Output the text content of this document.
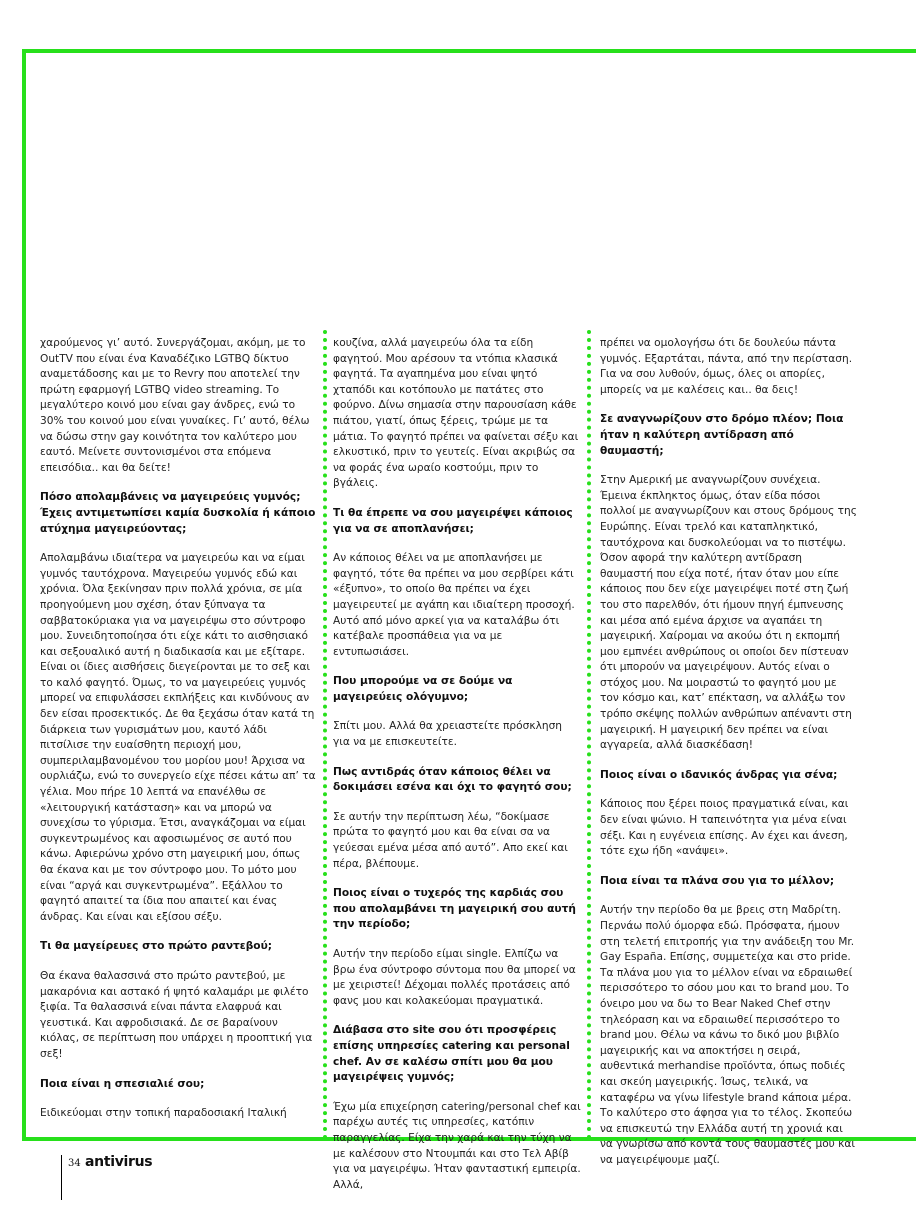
χαρούμενος γι’ αυτό. Συνεργάζομαι, ακόμη, με το OutTV που είναι ένα Καναδέζικο LGTBQ δίκτυο αναμετάδοσης και με το Revry που αποτελεί την πρώτη εφαρμογή LGTBQ video streaming. Το μεγαλύτερο κοινό μου είναι gay άνδρες, ενώ το 30% του κοινού μου είναι γυναίκες. Γι’ αυτό, θέλω να δώσω στην gay κοινότητα τον καλύτερο μου εαυτό. Μείνετε συντονισμένοι στα επόμενα επεισόδια.. και θα δείτε!

Πόσο απολαμβάνεις να μαγειρεύεις γυμνός; Έχεις αντιμετωπίσει καμία δυσκολία ή κάποιο ατύχημα μαγειρεύοντας;

Απολαμβάνω ιδιαίτερα να μαγειρεύω και να είμαι γυμνός ταυτόχρονα. Μαγειρεύω γυμνός εδώ και χρόνια. Όλα ξεκίνησαν πριν πολλά χρόνια, σε μία προηγούμενη μου σχέση, όταν ξύπναγα τα σαββατοκύριακα για να μαγειρέψω στο σύντροφο μου. Συνειδητοποίησα ότι είχε κάτι το αισθησιακό και σεξουαλικό αυτή η διαδικασία και με εξίταρε. Είναι οι ίδιες αισθήσεις διεγείρονται με το σεξ και το καλό φαγητό. Όμως, το να μαγειρεύεις γυμνός μπορεί να επιφυλάσσει εκπλήξεις και κινδύνους αν δεν είσαι προσεκτικός. Δε θα ξεχάσω όταν κατά τη διάρκεια των γυρισμάτων μου, καυτό λάδι πιτσίλισε την ευαίσθητη περιοχή μου, συμπεριλαμβανομένου του μορίου μου! Άρχισα να ουρλιάζω, ενώ το συνεργείο είχε πέσει κάτω απ’ τα γέλια. Μου πήρε 10 λεπτά να επανέλθω σε «λειτουργική κατάσταση» και να μπορώ να συνεχίσω το γύρισμα. Έτσι, αναγκάζομαι να είμαι συγκεντρωμένος και αφοσιωμένος σε αυτό που κάνω. Αφιερώνω χρόνο στη μαγειρική μου, όπως θα έκανα και με τον σύντροφο μου. Το μότο μου είναι “αργά και συγκεντρωμένα”. Εξάλλου το φαγητό απαιτεί τα ίδια που απαιτεί και ένας άνδρας. Και είναι και εξίσου σέξυ.

Τι θα μαγείρευες στο πρώτο ραντεβού;

Θα έκανα θαλασσινά στο πρώτο ραντεβού, με μακαρόνια και αστακό ή ψητό καλαμάρι με φιλέτο ξιφία. Τα θαλασσινά είναι πάντα ελαφρυά και γευστικά. Και αφροδισιακά. Δε σε βαραίνουν κιόλας, σε περίπτωση που υπάρχει η προοπτική για σεξ!

Ποια είναι η σπεσιαλιέ σου;

Ειδικεύομαι στην τοπική παραδοσιακή Ιταλική

κουζίνα, αλλά μαγειρεύω όλα τα είδη φαγητού. Μου αρέσουν τα ντόπια κλασικά φαγητά. Τα αγαπημένα μου είναι ψητό χταπόδι και κοτόπουλο με πατάτες στο φούρνο. Δίνω σημασία στην παρουσίαση κάθε πιάτου, γιατί, όπως ξέρεις, τρώμε με τα μάτια. Το φαγητό πρέπει να φαίνεται σέξυ και ελκυστικό, πριν το γευτείς. Είναι ακριβώς σα να φοράς ένα ωραίο κοστούμι, πριν το βγάλεις.

Τι θα έπρεπε να σου μαγειρέψει κάποιος για να σε αποπλανήσει;

Αν κάποιος θέλει να με αποπλανήσει με φαγητό, τότε θα πρέπει να μου σερβίρει κάτι «έξυπνο», το οποίο θα πρέπει να έχει μαγειρευτεί με αγάπη και ιδιαίτερη προσοχή. Αυτό από μόνο αρκεί για να καταλάβω ότι κατέβαλε προσπάθεια για να με εντυπωσιάσει.

Που μπορούμε να σε δούμε να μαγειρεύεις ολόγυμνο;

Σπίτι μου. Αλλά θα χρειαστείτε πρόσκληση για να με επισκευτείτε.

Πως αντιδράς όταν κάποιος θέλει να δοκιμάσει εσένα και όχι το φαγητό σου;

Σε αυτήν την περίπτωση λέω, “δοκίμασε πρώτα το φαγητό μου και θα είναι σα να γεύεσαι εμένα μέσα από αυτό”. Απο εκεί και πέρα, βλέπουμε.

Ποιος είναι ο τυχερός της καρδιάς σου που απολαμβάνει τη μαγειρική σου αυτή την περίοδο;

Αυτήν την περίοδο είμαι single. Ελπίζω να βρω ένα σύντροφο σύντομα που θα μπορεί να με χειριστεί! Δέχομαι πολλές προτάσεις από φανς μου και κολακεύομαι πραγματικά.

Διάβασα στο site σου ότι προσφέρεις επίσης υπηρεσίες catering και personal chef. Αν σε καλέσω σπίτι μου θα μου μαγειρέψεις γυμνός;

Έχω μία επιχείρηση catering/personal chef και παρέχω αυτές τις υπηρεσίες, κατόπιν παραγγελίας. Είχα την χαρά και την τύχη να με καλέσουν στο Ντουμπάι και στο Τελ Αβίβ για να μαγειρέψω. Ήταν φανταστική εμπειρία. Αλλά,

πρέπει να ομολογήσω ότι δε δουλεύω πάντα γυμνός. Εξαρτάται, πάντα, από την περίσταση. Για να σου λυθούν, όμως, όλες οι απορίες, μπορείς να με καλέσεις και.. θα δεις!

Σε αναγνωρίζουν στο δρόμο πλέον; Ποια ήταν η καλύτερη αντίδραση από θαυμαστή;

Στην Αμερική με αναγνωρίζουν συνέχεια. Έμεινα έκπληκτος όμως, όταν είδα πόσοι πολλοί με αναγνωρίζουν και στους δρόμους της Ευρώπης. Είναι τρελό και καταπληκτικό, ταυτόχρονα και δυσκολεύομαι να το πιστέψω. Όσον αφορά την καλύτερη αντίδραση θαυμαστή που είχα ποτέ, ήταν όταν μου είπε κάποιος που δεν είχε μαγειρέψει ποτέ στη ζωή του στο παρελθόν, ότι ήμουν πηγή έμπνευσης και μέσα από εμένα άρχισε να αγαπάει τη μαγειρική. Χαίρομαι να ακούω ότι η εκπομπή μου εμπνέει ανθρώπους οι οποίοι δεν πίστευαν ότι μπορούν να μαγειρέψουν. Αυτός είναι ο στόχος μου. Να μοιραστώ το φαγητό μου με τον κόσμο και, κατ’ επέκταση, να αλλάξω τον τρόπο σκέψης πολλών ανθρώπων απέναντι στη μαγειρική. Η μαγειρική δεν πρέπει να είναι αγγαρεία, αλλά διασκέδαση!

Ποιος είναι ο ιδανικός άνδρας για σένα;

Κάποιος που ξέρει ποιος πραγματικά είναι, και δεν είναι ψώνιο. Η ταπεινότητα για μένα είναι σέξι. Και η ευγένεια επίσης. Αν έχει και άνεση, τότε εχω ήδη «ανάψει».

Ποια είναι τα πλάνα σου για το μέλλον;

Αυτήν την περίοδο θα με βρεις στη Μαδρίτη. Περνάω πολύ όμορφα εδώ. Πρόσφατα, ήμουν στη τελετή επιτροπής για την ανάδειξη του Mr. Gay España. Επίσης, συμμετείχα και στο pride. Τα πλάνα μου για το μέλλον είναι να εδραιωθεί περισσότερο το σόου μου και το brand μου. Το όνειρο μου να δω το Bear Naked Chef στην τηλεόραση και να εδραιωθεί περισσότερο το brand μου. Θέλω να κάνω το δικό μου βιβλίο μαγειρικής και να αποκτήσει η σειρά, αυθεντικά merhandise προϊόντα, όπως ποδιές και σκεύη μαγειρικής. Ίσως, τελικά, να καταφέρω να γίνω lifestyle brand κάποια μέρα. Το καλύτερο στο άφησα για το τέλος. Σκοπεύω να επισκευτώ την Ελλάδα αυτή τη χρονιά και να γνωρίσω από κοντά τους θαυμαστές μου και να μαγειρέψουμε μαζί.

34 antivirus
